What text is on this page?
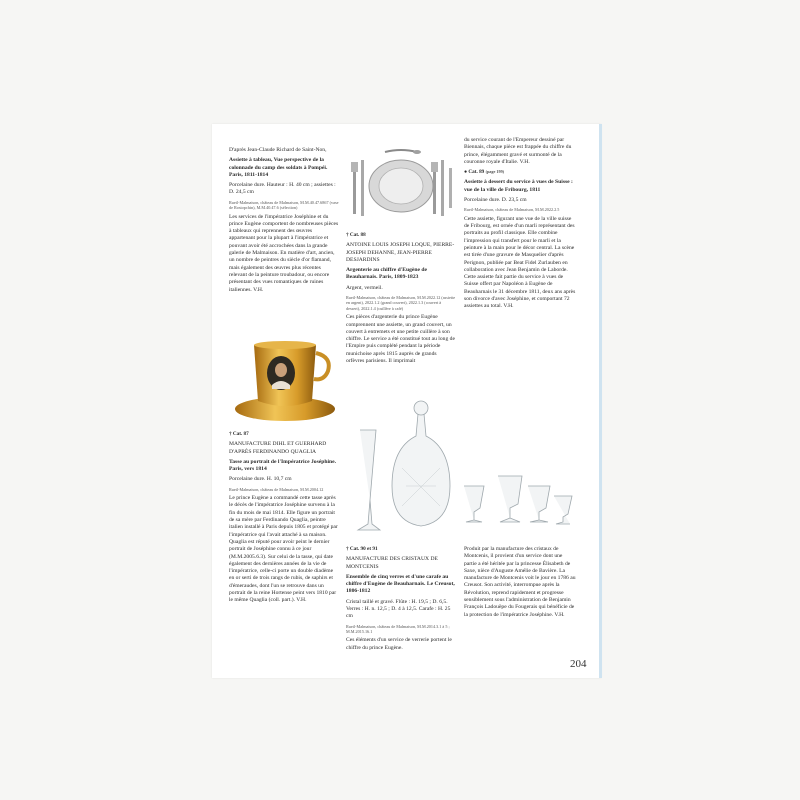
D'après Jean-Claude Richard de Saint-Non,

Assiette à tableau, Vue perspective de la colonnade du camp des soldats à Pompéi. Paris, 1811-1814

Porcelaine dure. Hauteur : H. 40 cm ; assiettes : D. 24,5 cm

Rueil-Malmaison, château de Malmaison, M.M.40.47.6867 (vase de Rostopchin), M.M.40.47.6 (sélection)

Les services de l'impératrice Joséphine et du prince Eugène comportent de nombreuses pièces à tableaux qui reprennent des œuvres appartenant pour la plupart à l'impératrice et pouvant avoir été accrochées dans la grande galerie de Malmaison. En matière d'art, ancien, un nombre de peintres du siècle d'or flamand, mais également des œuvres plus récentes relevant de la peinture troubadour, ou encore présentant des vues romantiques de ruines italiennes. V.H.

† Cat. 87

MANUFACTURE DIHL ET GUERHARD D'APRÈS FERDINANDO QUAGLIA

Tasse au portrait de l'Impératrice Joséphine. Paris, vers 1814

Porcelaine dure. H. 10,7 cm

Rueil-Malmaison, château de Malmaison, M.M.2004.12

Le prince Eugène a commandé cette tasse après le décès de l'impératrice Joséphine survenu à la fin du mois de mai 1814. Elle figure un portrait de sa mère par Ferdinando Quaglia, peintre italien installé à Paris depuis 1805 et protégé par l'impératrice qui l'avait attaché à sa maison. Quaglia est réputé pour avoir peint le dernier portrait de Joséphine connu à ce jour (M.M.2005.6.3). Sur celui de la tasse, qui date également des dernières années de la vie de l'impératrice, celle-ci porte un double diadème en or serti de trois rangs de rubis, de saphirs et d'émeraudes, dont l'un se retrouve dans un portrait de la reine Hortense peint vers 1810 par le même Quaglia (coll. part.). V.H.

† Cat. 88

ANTOINE LOUIS JOSEPH LOQUE, PIERRE-JOSEPH DEHANNE, JEAN-PIERRE DESJARDINS

Argenterie au chiffre d'Eugène de Beauharnais. Paris, 1809-1823

Argent, vermeil.

Rueil-Malmaison, château de Malmaison, M.M.2022.12 (assiette en argent), 2022.1.2 (grand couvert), 2022.1.3 (couvert à dessert), 2022.1.4 (cuillère à café)

Ces pièces d'argenterie du prince Eugène comprennent une assiette, un grand couvert, un couvert à entremets et une petite cuillère à son chiffre. Le service a été constitué tout au long de l'Empire puis complété pendant la période munichoise après 1815 auprès de grands orfèvres parisiens. Il imprimait

† Cat. 90 et 91

MANUFACTURE DES CRISTAUX DE MONTCENIS

Ensemble de cinq verres et d'une carafe au chiffre d'Eugène de Beauharnais. Le Creusot, 1806-1812

Cristal taillé et gravé. Flûte : H. 19,5 ; D. 6,5. Verres : H. n. 12,5 ; D. 4 à 12,5. Carafe : H. 25 cm

Rueil-Malmaison, château de Malmaison, M.M.2014.3.1 à 5 ; M.M.2015.16.1

Ces éléments d'un service de verrerie portent le chiffre du prince Eugène.

du service courant de l'Empereur dessiné par Biennais, chaque pièce est frappée du chiffre du prince, élégamment gravé et surmonté de la couronne royale d'Italie. V.H.

● Cat. 89 (page 199)

Assiette à dessert du service à vues de Suisse : vue de la ville de Fribourg, 1811

Porcelaine dure. D. 23,5 cm

Rueil-Malmaison, château de Malmaison, M.M.2022.2.5

Cette assiette, figurant une vue de la ville suisse de Fribourg, est ornée d'un marli représentant des portraits au profil classique. Elle combine l'impression qui transfert pour le marli et la peinture à la main pour le décor central. La scène est tirée d'une gravure de Masquelier d'après Perignon, publiée par Beat Fidel Zurlauben en collaboration avec Jean Benjamin de Laborde. Cette assiette fait partie du service à vues de Suisse offert par Napoléon à Eugène de Beauharnais le 31 décembre 1811, deux ans après son divorce d'avec Joséphine, et comportant 72 assiettes au total. V.H.

Produit par la manufacture des cristaux de Montcenis, il provient d'un service dont une partie a été héritée par la princesse Élisabeth de Saxe, nièce d'Auguste Amélie de Bavière. La manufacture de Montcenis voit le jour en 1786 au Creusot. Son activité, interrompue après la Révolution, reprend rapidement et progresse sensiblement sous l'administration de Benjamin François Ladouëpe du Fougerais qui bénéficie de la protection de l'impératrice Joséphine. V.H.

204
